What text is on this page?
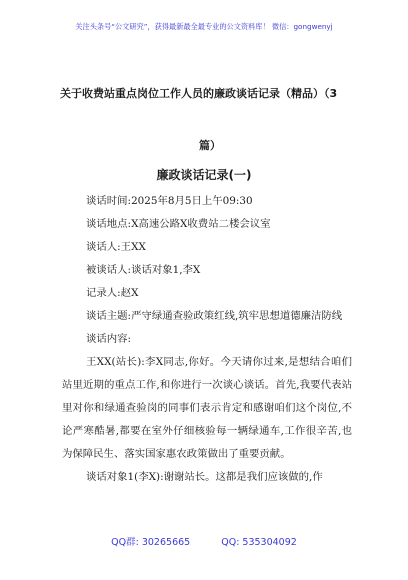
关注头条号“公文研究”，获得最新最全最专业的公文资料库！ 微信：gongwenyj
关于收费站重点岗位工作人员的廉政谈话记录（精品）（3
篇）
廉政谈话记录(一)

谈话时间:2025年8月5日上午09:30

谈话地点:X高速公路X收费站二楼会议室

谈话人:王XX

被谈话人:谈话对象1,李X

记录人:赵X

谈话主题:严守绿通查验政策红线,筑牢思想道德廉洁防线

谈话内容:

王XX(站长):李X同志,你好。今天请你过来,是想结合咱们站里近期的重点工作,和你进行一次谈心谈话。首先,我要代表站里对你和绿通查验岗的同事们表示肯定和感谢咱们这个岗位,不论严寒酷暑,都要在室外仔细核验每一辆绿通车,工作很辛苦,也为保障民生、落实国家惠农政策做出了重要贡献。

谈话对象1(李X):谢谢站长。这都是我们应该做的,作

QQ群: 30265665	QQ: 535304092
